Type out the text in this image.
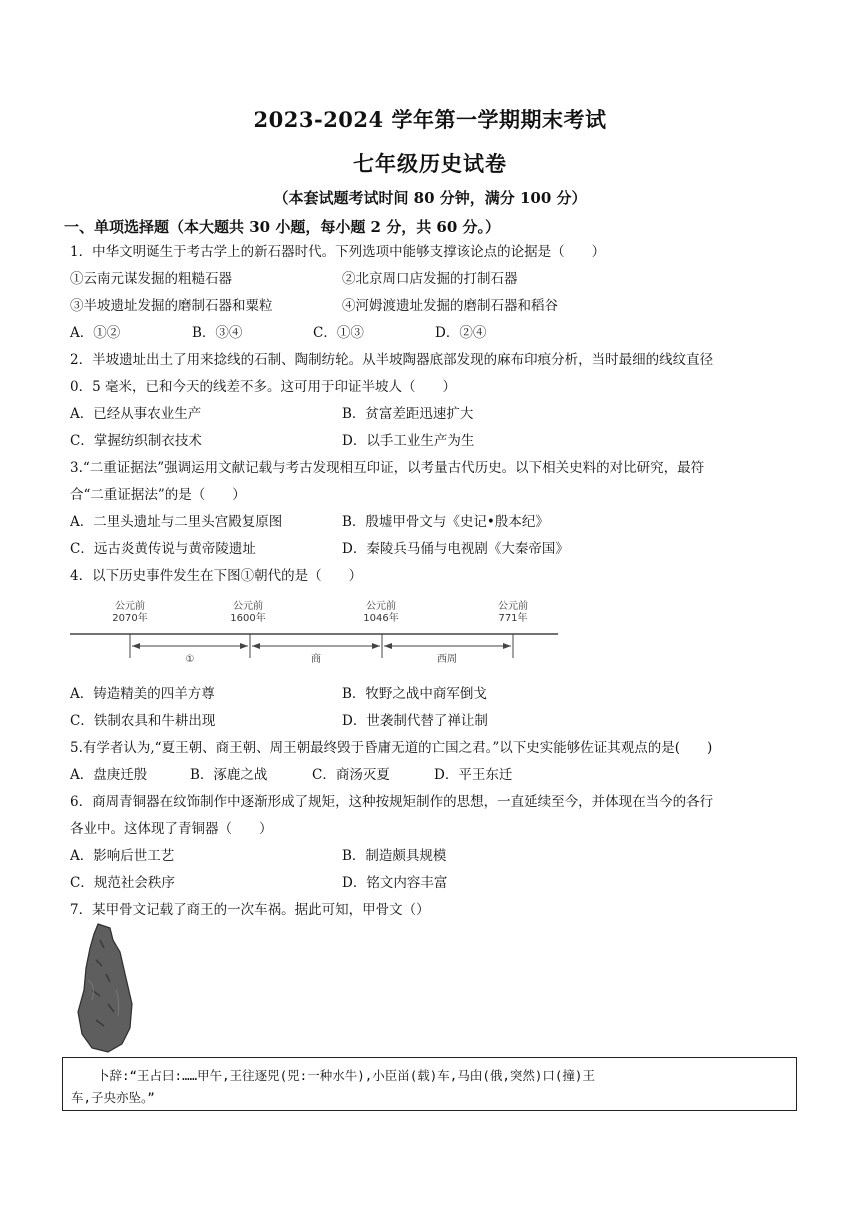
2023-2024 学年第一学期期末考试
七年级历史试卷
（本套试题考试时间 80 分钟，满分 100 分）
一、单项选择题（本大题共 30 小题，每小题 2 分，共 60 分。）
1．中华文明诞生于考古学上的新石器时代。下列选项中能够支撑该论点的论据是（　　）
①云南元谋发掘的粗糙石器	②北京周口店发掘的打制石器
③半坡遗址发掘的磨制石器和粟粒	④河姆渡遗址发掘的磨制石器和稻谷
A．①②	B．③④	C．①③	D．②④
2．半坡遗址出土了用来捻线的石制、陶制纺轮。从半坡陶器底部发现的麻布印痕分析，当时最细的线纹直径
0．5 毫米，已和今天的线差不多。这可用于印证半坡人（　　）
A．已经从事农业生产	B．贫富差距迅速扩大
C．掌握纺织制衣技术	D．以手工业生产为生
3.“二重证据法”强调运用文献记载与考古发现相互印证，以考量古代历史。以下相关史料的对比研究，最符
合“二重证据法”的是（　　）
A．二里头遗址与二里头宫殿复原图	B．殷墟甲骨文与《史记•殷本纪》
C．远古炎黄传说与黄帝陵遗址	D．秦陵兵马俑与电视剧《大秦帝国》
4．以下历史事件发生在下图①朝代的是（　　）
公元前
2070年
公元前
1600年
公元前
1046年
公元前
771年
①	商	西周
A．铸造精美的四羊方尊	B．牧野之战中商军倒戈
C．铁制农具和牛耕出现	D．世袭制代替了禅让制
5.有学者认为,“夏王朝、商王朝、周王朝最终毁于昏庸无道的亡国之君。”以下史实能够佐证其观点的是(　　)
A．盘庚迁殷	B．涿鹿之战	C．商汤灭夏	D．平王东迁
6．商周青铜器在纹饰制作中逐渐形成了规矩，这种按规矩制作的思想，一直延续至今，并体现在当今的各行
各业中。这体现了青铜器（　　）
A．影响后世工艺	B．制造颇具规模
C．规范社会秩序	D．铭文内容丰富
7．某甲骨文记载了商王的一次车祸。据此可知，甲骨文（）
卜辞:“王占曰:……甲午,王往逐兕(兕:一种水牛),小臣畄(载)车,马甶(俄,突然)口(撞)王
车,子央亦坠。”
